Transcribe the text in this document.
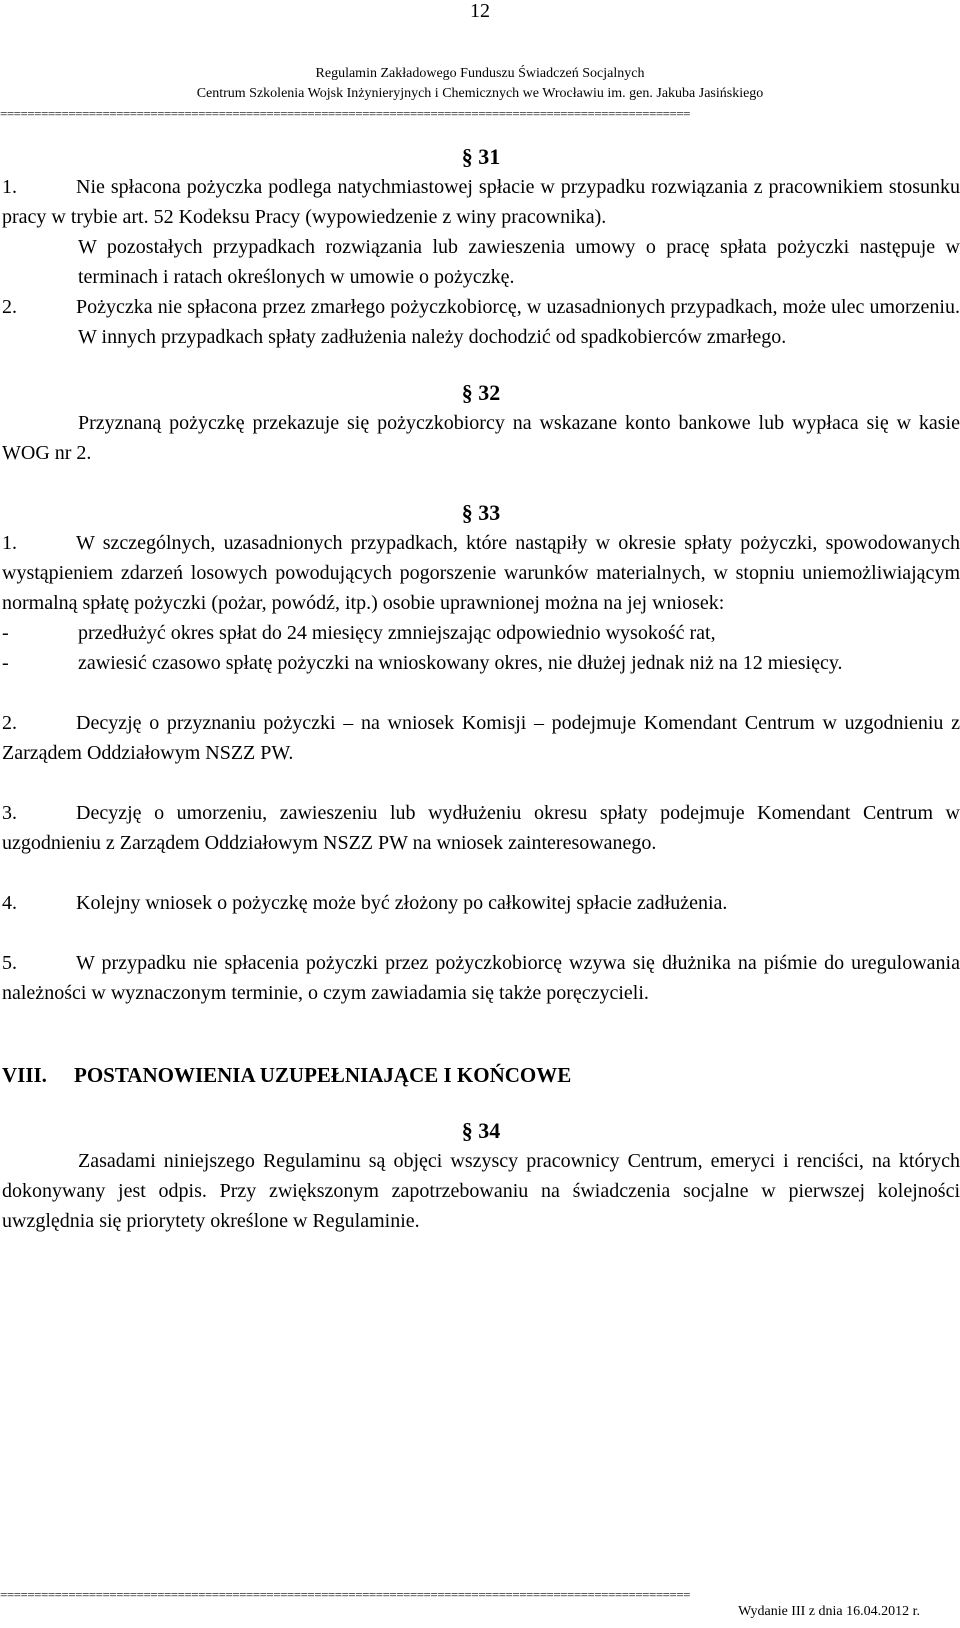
12
Regulamin Zakładowego Funduszu Świadczeń Socjalnych
Centrum Szkolenia Wojsk Inżynieryjnych i Chemicznych we Wrocławiu im. gen. Jakuba Jasińskiego
=====================================================================================================

§ 31

1.	Nie spłacona pożyczka podlega natychmiastowej spłacie w przypadku rozwiązania z pracownikiem stosunku pracy w trybie art. 52 Kodeksu Pracy (wypowiedzenie z winy pracownika).

W pozostałych przypadkach rozwiązania lub zawieszenia umowy o pracę spłata pożyczki następuje w terminach i ratach określonych w umowie o pożyczkę.

2.	Pożyczka nie spłacona przez zmarłego pożyczkobiorcę, w uzasadnionych przypadkach, może ulec umorzeniu. W innych przypadkach spłaty zadłużenia należy dochodzić od spadkobierców zmarłego.

§ 32

Przyznaną pożyczkę przekazuje się pożyczkobiorcy na wskazane konto bankowe lub wypłaca się w kasie WOG nr 2.

§ 33

1.	W szczególnych, uzasadnionych przypadkach, które nastąpiły w okresie spłaty pożyczki, spowodowanych wystąpieniem zdarzeń losowych powodujących pogorszenie warunków materialnych, w stopniu uniemożliwiającym normalną spłatę pożyczki (pożar, powódź, itp.) osobie uprawnionej można na jej wniosek:

-	przedłużyć okres spłat do 24 miesięcy zmniejszając odpowiednio wysokość rat,

-	zawiesić czasowo spłatę pożyczki na wnioskowany okres, nie dłużej jednak niż na 12 miesięcy.

2.	Decyzję o przyznaniu pożyczki – na wniosek Komisji – podejmuje Komendant Centrum w uzgodnieniu z Zarządem Oddziałowym NSZZ PW.

3.	Decyzję o umorzeniu, zawieszeniu lub wydłużeniu okresu spłaty podejmuje Komendant Centrum w uzgodnieniu z Zarządem Oddziałowym NSZZ PW na wniosek zainteresowanego.

4.	Kolejny wniosek o pożyczkę może być złożony po całkowitej spłacie zadłużenia.

5.	W przypadku nie spłacenia pożyczki przez pożyczkobiorcę wzywa się dłużnika na piśmie do uregulowania należności w wyznaczonym terminie, o czym zawiadamia się także poręczycieli.

VIII. POSTANOWIENIA UZUPEŁNIAJĄCE I KOŃCOWE

§ 34

Zasadami niniejszego Regulaminu są objęci wszyscy pracownicy Centrum, emeryci i renciści, na których dokonywany jest odpis. Przy zwiększonym zapotrzebowaniu na świadczenia socjalne w pierwszej kolejności uwzględnia się priorytety określone w Regulaminie.

=====================================================================================================
Wydanie III z dnia 16.04.2012 r.
